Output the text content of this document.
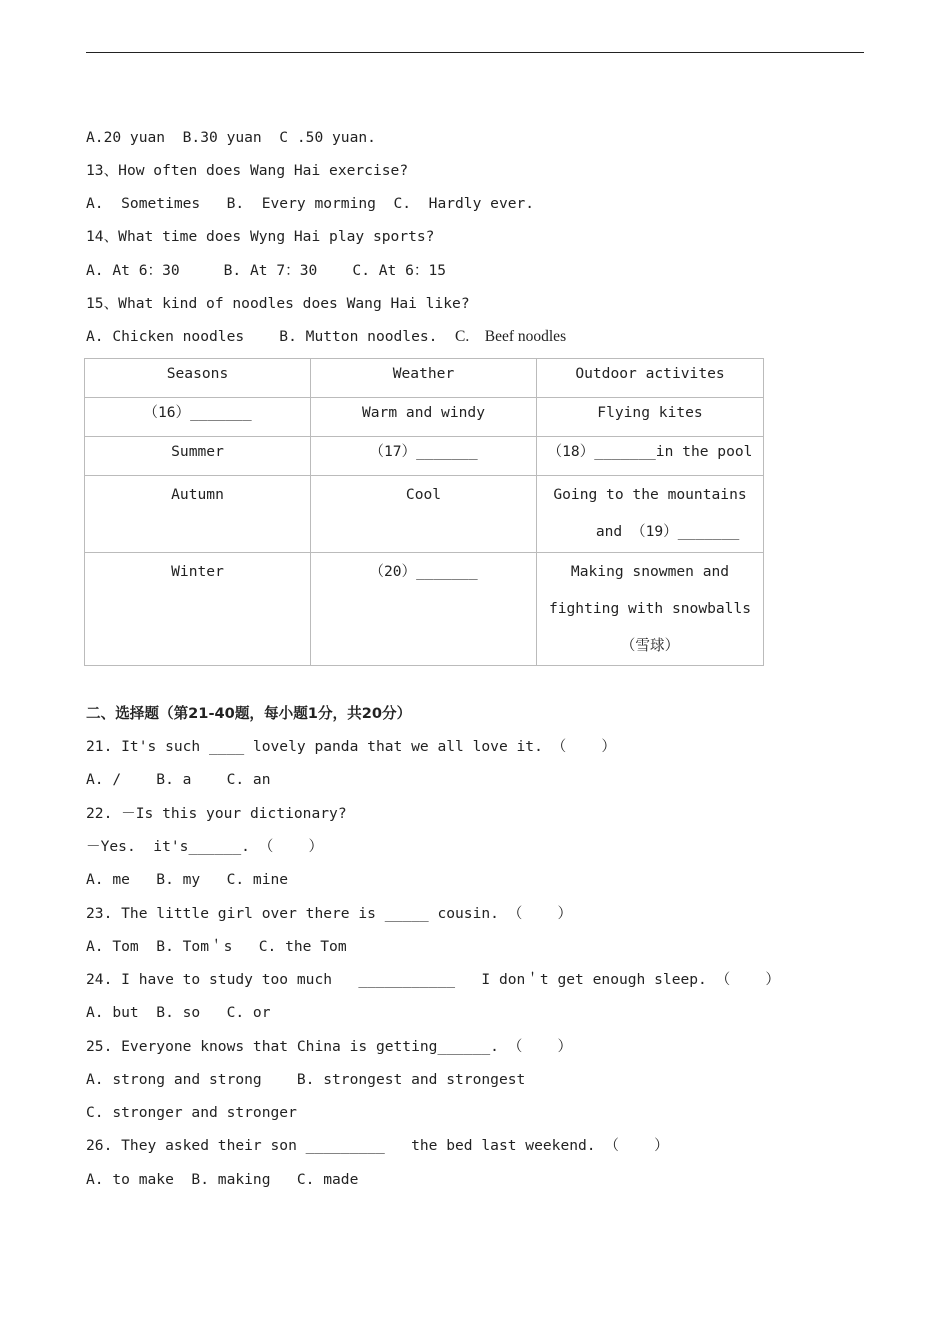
A.20 yuan  B.30 yuan  C .50 yuan.
13、How often does Wang Hai exercise?
A.  Sometimes   B.  Every morming  C.  Hardly ever.
14、What time does Wyng Hai play sports?
A. At 6：30     B. At 7：30    C. At 6：15
15、What kind of noodles does Wang Hai like?
A. Chicken noodles    B. Mutton noodles.  C.    Beef noodles
Seasons	Weather	Outdoor activites
（16）_______	Warm and windy	Flying kites
Summer	（17）_______	（18）_______in the pool
Autumn	Cool	Going to the mountains
and （19）_______
Winter	（20）_______	Making snowmen and
fighting with snowballs
（雪球）
二、选择题（第21-40题，每小题1分，共20分）
21. It's such ____ lovely panda that we all love it. （    ）
A. /    B. a    C. an
22. －Is this your dictionary?
－Yes.  it's______. （    ）
A. me   B. my   C. mine
23. The little girl over there is _____ cousin. （    ）
A. Tom  B. Tom＇s   C. the Tom
24. I have to study too much   ___________   I don＇t get enough sleep. （    ）
A. but  B. so   C. or
25. Everyone knows that China is getting______. （    ）
A. strong and strong    B. strongest and strongest
C. stronger and stronger
26. They asked their son _________   the bed last weekend. （    ）
A. to make  B. making   C. made
